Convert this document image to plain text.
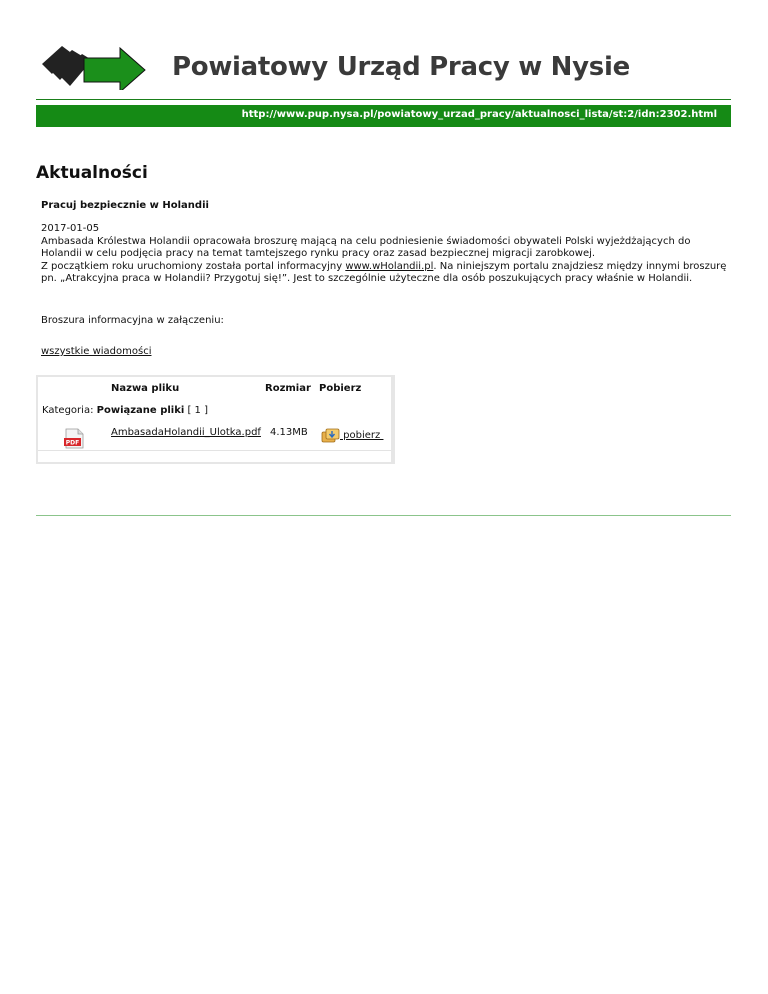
Powiatowy Urząd Pracy w Nysie
http://www.pup.nysa.pl/powiatowy_urzad_pracy/aktualnosci_lista/st:2/idn:2302.html
Aktualności
Pracuj bezpiecznie w Holandii
2017-01-05
Ambasada Królestwa Holandii opracowała broszurę mającą na celu podniesienie świadomości obywateli Polski wyjeżdżających do Holandii w celu podjęcia pracy na temat tamtejszego rynku pracy oraz zasad bezpiecznej migracji zarobkowej.
Z początkiem roku uruchomiony została portal informacyjny www.wHolandii.pl. Na niniejszym portalu znajdziesz między innymi broszurę pn. „Atrakcyjna praca w Holandii? Przygotuj się!”. Jest to szczególnie użyteczne dla osób poszukujących pracy właśnie w Holandii.
Broszura informacyjna w załączeniu:
wszystkie wiadomości
Nazwa pliku	Rozmiar Pobierz
Kategoria: Powiązane pliki [ 1 ]
PDF
AmbasadaHolandii_Ulotka.pdf 4.13MB	pobierz
